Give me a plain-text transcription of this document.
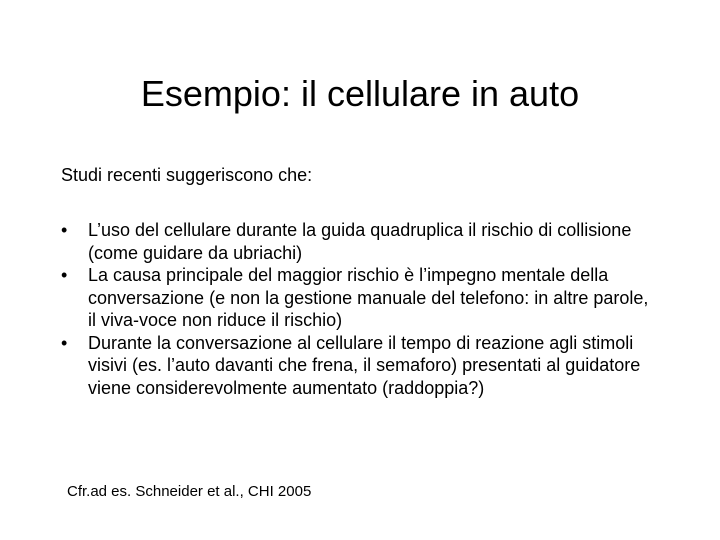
Esempio: il cellulare in auto

Studi recenti suggeriscono che:

•	L’uso del cellulare durante la guida quadruplica il rischio di collisione (come guidare da ubriachi)
•	La causa principale del maggior rischio è l’impegno mentale della conversazione (e non la gestione manuale del telefono: in altre parole, il viva-voce non riduce il rischio)
•	Durante la conversazione al cellulare il tempo di reazione agli stimoli visivi (es. l’auto davanti che frena, il semaforo) presentati al guidatore viene considerevolmente aumentato (raddoppia?)

Cfr.ad es. Schneider et al., CHI 2005
